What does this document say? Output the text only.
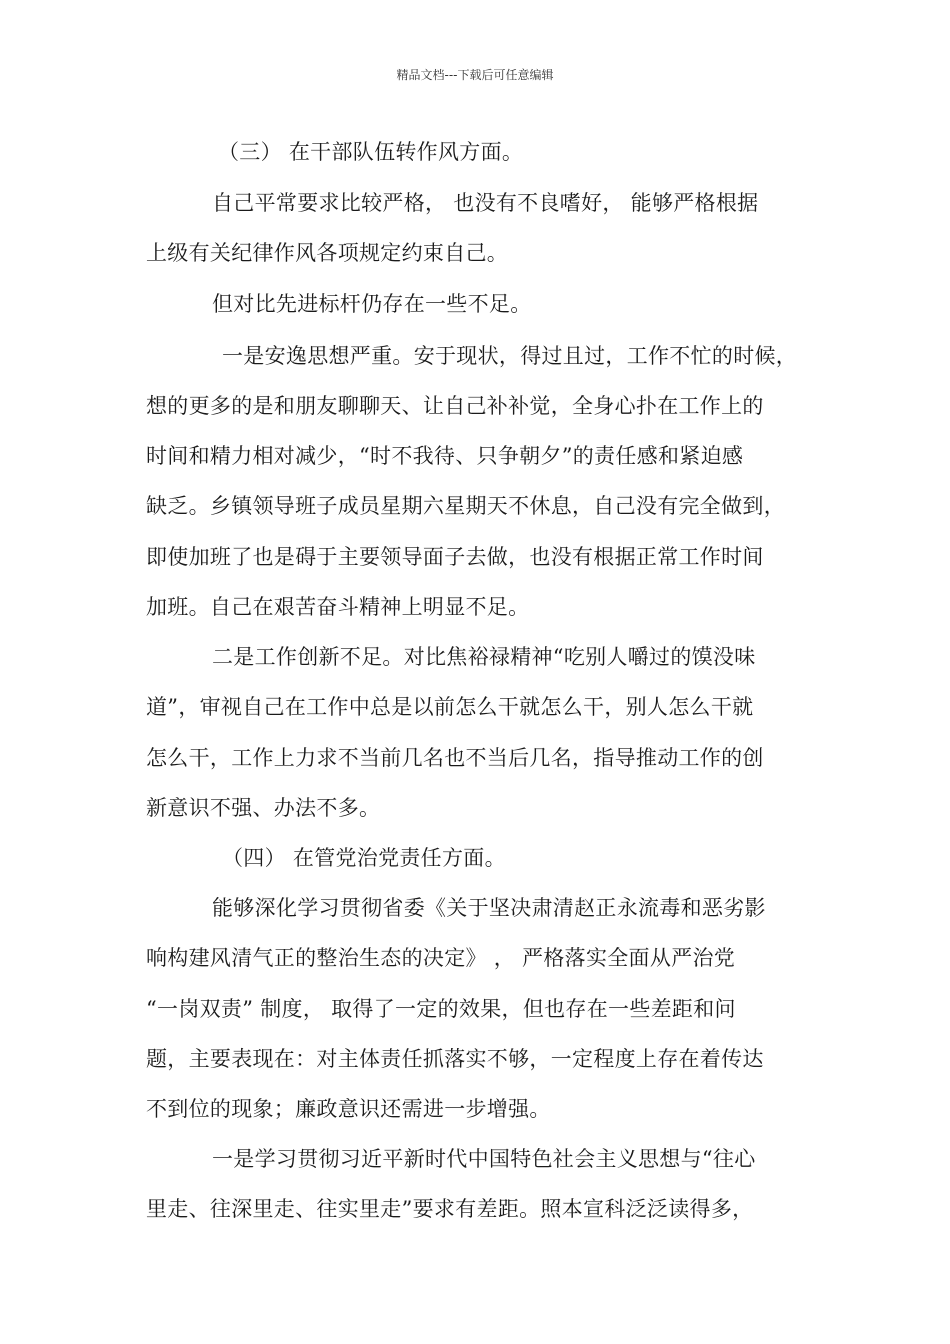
精品文档---下载后可任意编辑
（三） 在干部队伍转作风方面。
自己平常要求比较严格， 也没有不良嗜好， 能够严格根据
上级有关纪律作风各项规定约束自己。
但对比先进标杆仍存在一些不足。
一是安逸思想严重。安于现状，得过且过，工作不忙的时候，
想的更多的是和朋友聊聊天、让自己补补觉，全身心扑在工作上的
时间和精力相对减少，“时不我待、只争朝夕”的责任感和紧迫感
缺乏。乡镇领导班子成员星期六星期天不休息，自己没有完全做到，
即使加班了也是碍于主要领导面子去做，也没有根据正常工作时间
加班。自己在艰苦奋斗精神上明显不足。
二是工作创新不足。对比焦裕禄精神“吃别人嚼过的馍没味
道”，审视自己在工作中总是以前怎么干就怎么干，别人怎么干就
怎么干，工作上力求不当前几名也不当后几名，指导推动工作的创
新意识不强、办法不多。
（四） 在管党治党责任方面。
能够深化学习贯彻省委《关于坚决肃清赵正永流毒和恶劣影
响构建风清气正的整治生态的决定》 ， 严格落实全面从严治党
“一岗双责” 制度， 取得了一定的效果，但也存在一些差距和问
题，主要表现在：对主体责任抓落实不够，一定程度上存在着传达
不到位的现象；廉政意识还需进一步增强。
一是学习贯彻习近平新时代中国特色社会主义思想与“往心
里走、往深里走、往实里走”要求有差距。照本宣科泛泛读得多，
